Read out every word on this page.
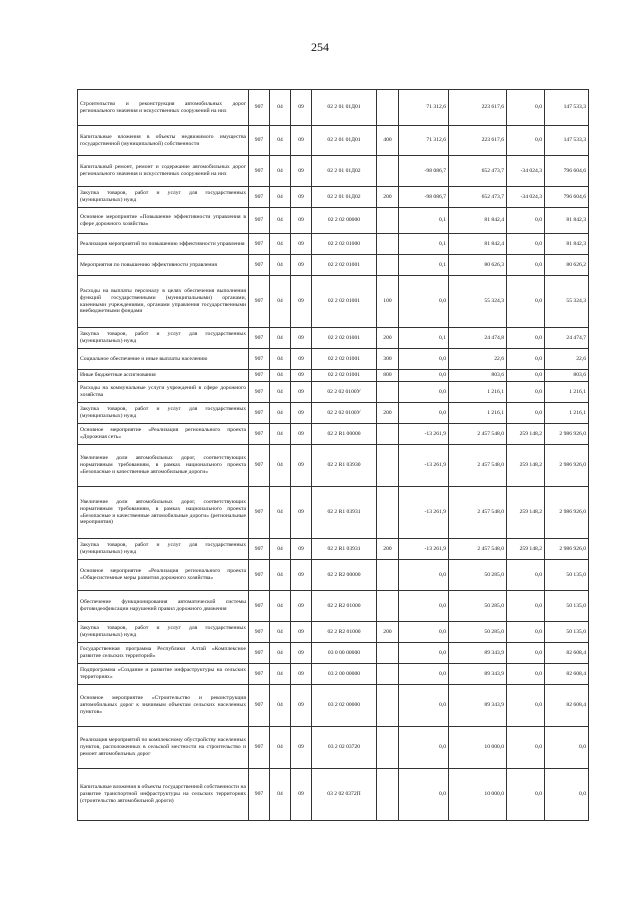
254
Строительство и реконструкция автомобильных дорог регионального значения и искусственных сооружений на них	907	04	09	02 2 01 01Д01		71 312,6	223 617,6	0,0	147 533,3
Капитальные вложения в объекты недвижимого имущества государственной (муниципальной) собственности	907	04	09	02 2 01 01Д01	400	71 312,6	223 617,6	0,0	147 533,3
Капитальный ремонт, ремонт и содержание автомобильных дорог регионального значения и искусственных сооружений на них	907	04	09	02 2 01 01Д02		-98 086,7	652 473,7	-34 024,3	796 604,6
Закупка товаров, работ и услуг для государственных (муниципальных) нужд	907	04	09	02 2 01 01Д02	200	-98 086,7	652 473,7	-34 024,3	796 604,6
Основное мероприятие «Повышение эффективности управления в сфере дорожного хозяйства»	907	04	09	02 2 02 00000		0,1	81 842,4	0,0	81 842,3
Реализация мероприятий по повышению эффективности управления	907	04	09	02 2 02 01000		0,1	81 842,4	0,0	81 842,3
Мероприятия по повышению эффективности управления	907	04	09	02 2 02 01001		0,1	80 626,3	0,0	80 626,2
Расходы на выплаты персоналу в целях обеспечения выполнения функций государственными (муниципальными) органами, казенными учреждениями, органами управления государственными внебюджетными фондами	907	04	09	02 2 02 01001	100	0,0	55 324,3	0,0	55 324,3
Закупка товаров, работ и услуг для государственных (муниципальных) нужд	907	04	09	02 2 02 01001	200	0,1	24 474,8	0,0	24 474,7
Социальное обеспечение и иные выплаты населению	907	04	09	02 2 02 01001	300	0,0	22,6	0,0	22,6
Иные бюджетные ассигнования	907	04	09	02 2 02 01001	800	0,0	803,6	0,0	803,6
Расходы на коммунальные услуги учреждений в сфере дорожного хозяйства	907	04	09	02 2 02 0100У		0,0	1 216,1	0,0	1 216,1
Закупка товаров, работ и услуг для государственных (муниципальных) нужд	907	04	09	02 2 02 0100У	200	0,0	1 216,1	0,0	1 216,1
Основное мероприятие «Реализация регионального проекта «Дорожная сеть»	907	04	09	02 2 R1 00000		-13 261,9	2 457 548,0	259 148,2	2 986 926,0
Увеличение доли автомобильных дорог, соответствующих нормативным требованиям, в рамках национального проекта «Безопасные и качественные автомобильные дороги»	907	04	09	02 2 R1 03930		-13 261,9	2 457 548,0	259 148,2	2 986 926,0
Увеличение доли автомобильных дорог, соответствующих нормативным требованиям, в рамках национального проекта «Безопасные и качественные автомобильные дороги» (региональные мероприятия)	907	04	09	02 2 R1 03931		-13 261,9	2 457 548,0	259 148,2	2 986 926,0
Закупка товаров, работ и услуг для государственных (муниципальных) нужд	907	04	09	02 2 R1 03931	200	-13 261,9	2 457 548,0	259 148,2	2 986 926,0
Основное мероприятие «Реализация регионального проекта «Общесистемные меры развития дорожного хозяйства»	907	04	09	02 2 R2 00000		0,0	50 285,0	0,0	50 135,0
Обеспечение функционирования автоматической системы фотовидеофиксации нарушений правил дорожного движения	907	04	09	02 2 R2 01000		0,0	50 285,0	0,0	50 135,0
Закупка товаров, работ и услуг для государственных (муниципальных) нужд	907	04	09	02 2 R2 01000	200	0,0	50 285,0	0,0	50 135,0
Государственная программа Республики Алтай «Комплексное развитие сельских территорий»	907	04	09	03 0 00 00000		0,0	89 343,9	0,0	82 608,4
Подпрограмма «Создание и развитие инфраструктуры на сельских территориях»	907	04	09	03 2 00 00000		0,0	89 343,9	0,0	82 608,4
Основное мероприятие «Строительство и реконструкция автомобильных дорог к значимым объектам сельских населенных пунктов»	907	04	09	03 2 02 00000		0,0	89 343,9	0,0	82 608,4
Реализация мероприятий по комплексному обустройству населенных пунктов, расположенных в сельской местности на строительство и ремонт автомобильных дорог	907	04	09	03 2 02 03720		0,0	10 000,0	0,0	0,0
Капитальные вложения в объекты государственной собственности на развитие транспортной инфраструктуры на сельских территориях (строительство автомобильной дороги)	907	04	09	03 2 02 0372П		0,0	10 000,0	0,0	0,0
